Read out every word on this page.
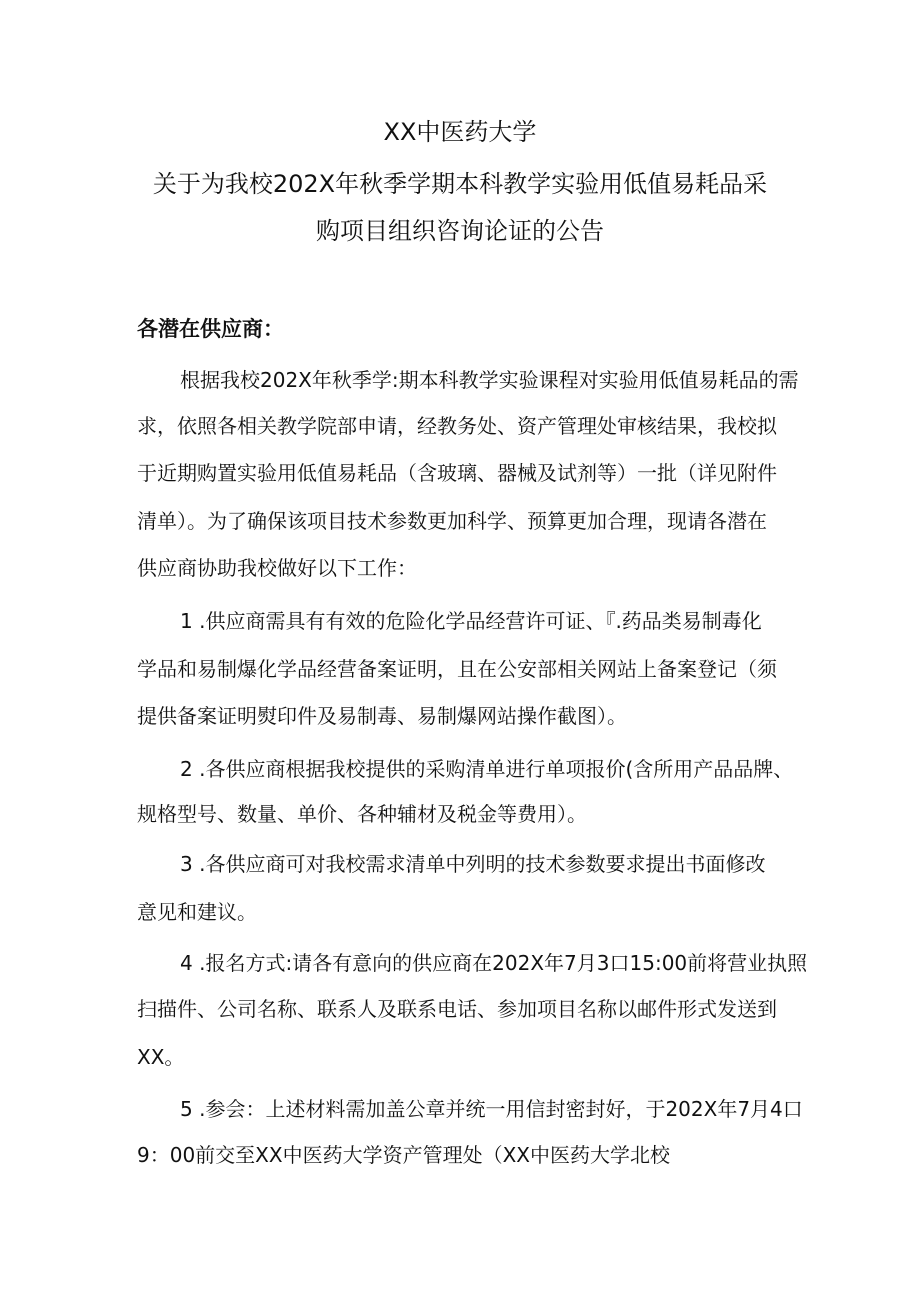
XX中医药大学
关于为我校202X年秋季学期本科教学实验用低值易耗品采
购项目组织咨询论证的公告
各潜在供应商：
根据我校202X年秋季学:期本科教学实验课程对实验用低值易耗品的需
求，依照各相关教学院部申请，经教务处、资产管理处审核结果，我校拟
于近期购置实验用低值易耗品（含玻璃、器械及试剂等）一批（详见附件
清单）。为了确保该项目技术参数更加科学、预算更加合理，现请各潜在
供应商协助我校做好以下工作：
1 .供应商需具有有效的危险化学品经营许可证、『.药品类易制毒化
学品和易制爆化学品经营备案证明，且在公安部相关网站上备案登记（须
提供备案证明熨印件及易制毒、易制爆网站操作截图）。
2 .各供应商根据我校提供的采购清单进行单项报价(含所用产品品牌、
规格型号、数量、单价、各种辅材及税金等费用）。
3 .各供应商可对我校需求清单中列明的技术参数要求提出书面修改
意见和建议。
4 .报名方式:请各有意向的供应商在202X年7月3口15:00前将营业执照
扫描件、公司名称、联系人及联系电话、参加项目名称以邮件形式发送到
XX。
5 .参会：上述材料需加盖公章并统一用信封密封好，于202X年7月4口
9：00前交至XX中医药大学资产管理处（XX中医药大学北校
